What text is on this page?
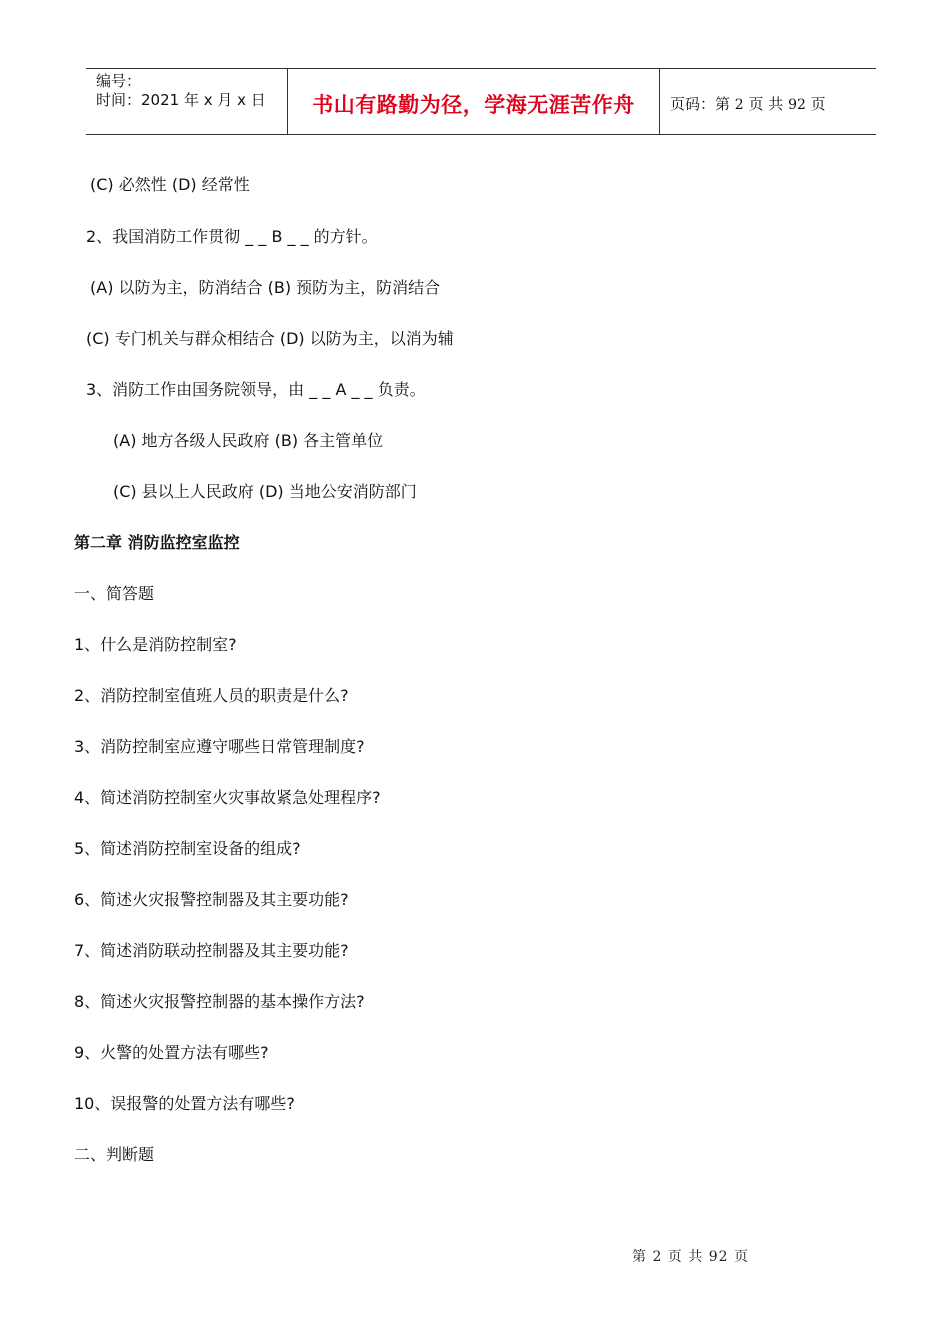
编号：
时间：2021 年 x 月 x 日	书山有路勤为径，学海无涯苦作舟	页码：第 2 页 共 92 页
(C) 必然性 (D) 经常性
2、我国消防工作贯彻 _ _ B _ _ 的方针。
(A) 以防为主，防消结合 (B) 预防为主，防消结合
(C) 专门机关与群众相结合 (D) 以防为主，以消为辅
3、消防工作由国务院领导，由 _ _ A _ _ 负责。
(A) 地方各级人民政府 (B) 各主管单位
(C) 县以上人民政府 (D) 当地公安消防部门
第二章 消防监控室监控
一、简答题
1、什么是消防控制室?
2、消防控制室值班人员的职责是什么?
3、消防控制室应遵守哪些日常管理制度?
4、简述消防控制室火灾事故紧急处理程序?
5、简述消防控制室设备的组成?
6、简述火灾报警控制器及其主要功能?
7、简述消防联动控制器及其主要功能?
8、简述火灾报警控制器的基本操作方法?
9、火警的处置方法有哪些?
10、误报警的处置方法有哪些?
二、判断题
第 2 页 共 92 页
